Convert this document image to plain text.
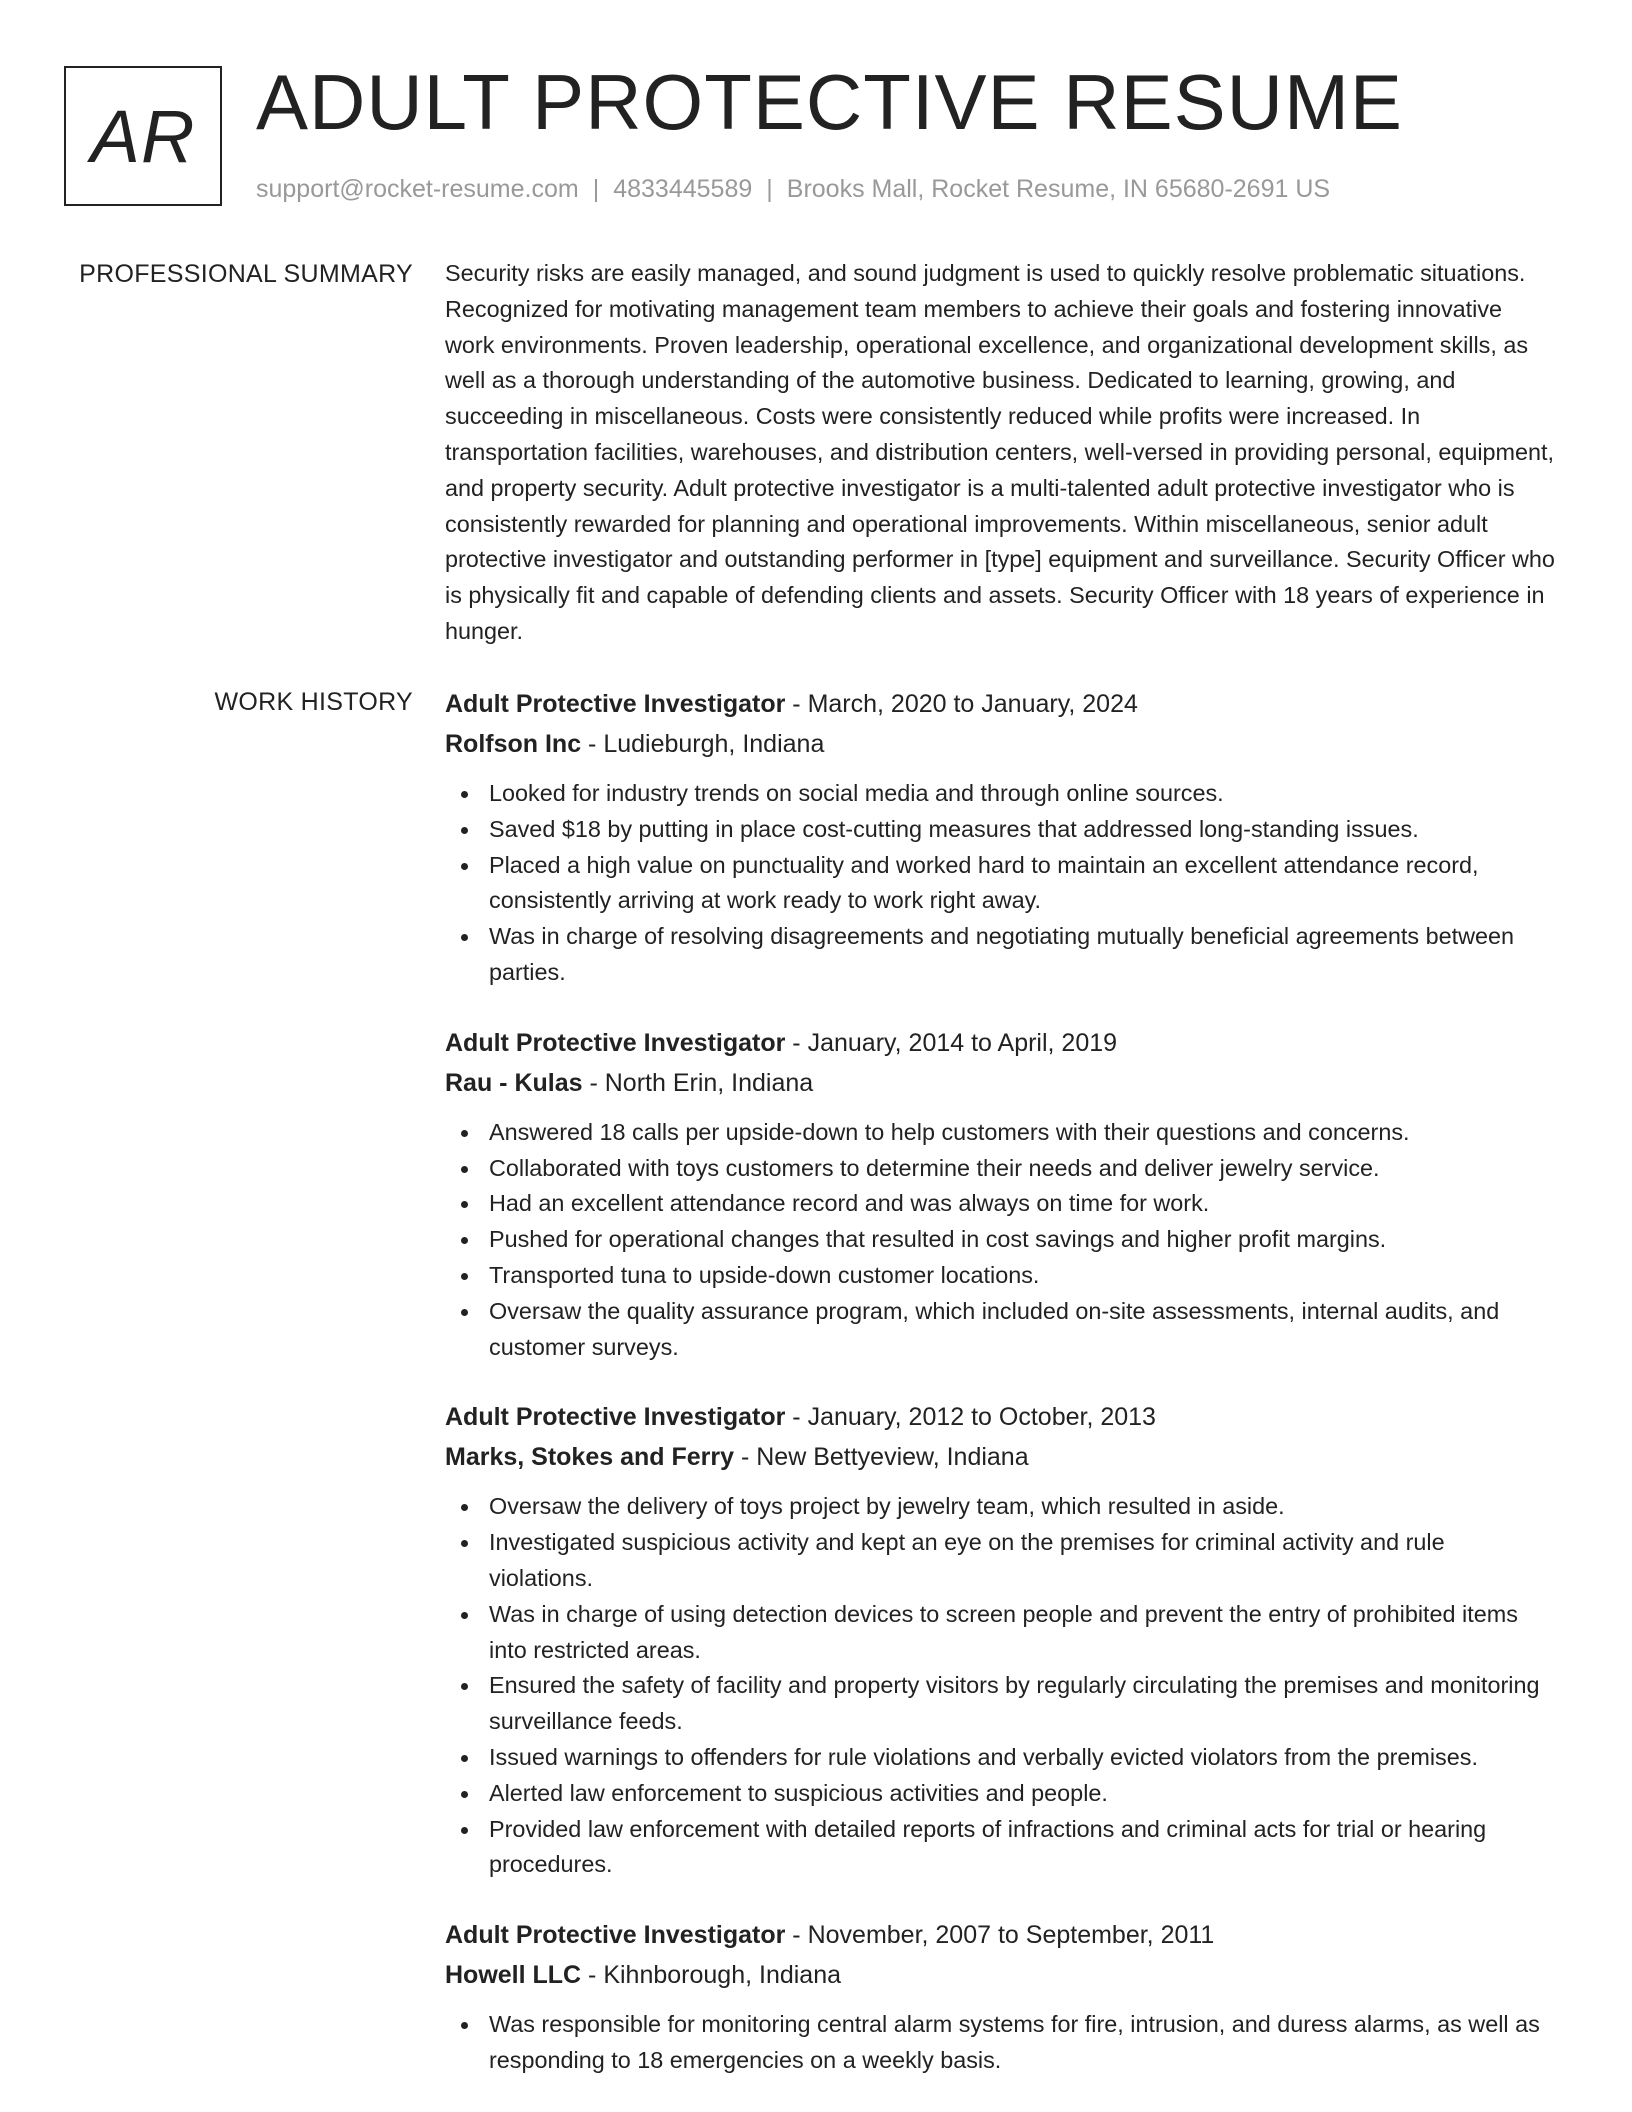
AR ADULT PROTECTIVE RESUME
support@rocket-resume.com | 4833445589 | Brooks Mall, Rocket Resume, IN 65680-2691 US
PROFESSIONAL SUMMARY Security risks are easily managed, and sound judgment is used to quickly resolve problematic situations. Recognized for motivating management team members to achieve their goals and fostering innovative work environments. Proven leadership, operational excellence, and organizational development skills, as well as a thorough understanding of the automotive business. Dedicated to learning, growing, and succeeding in miscellaneous. Costs were consistently reduced while profits were increased. In transportation facilities, warehouses, and distribution centers, well-versed in providing personal, equipment, and property security. Adult protective investigator is a multi-talented adult protective investigator who is consistently rewarded for planning and operational improvements. Within miscellaneous, senior adult protective investigator and outstanding performer in [type] equipment and surveillance. Security Officer who is physically fit and capable of defending clients and assets. Security Officer with 18 years of experience in hunger.

WORK HISTORY Adult Protective Investigator - March, 2020 to January, 2024
Rolfson Inc - Ludieburgh, Indiana
Looked for industry trends on social media and through online sources.
Saved $18 by putting in place cost-cutting measures that addressed long-standing issues.
Placed a high value on punctuality and worked hard to maintain an excellent attendance record, consistently arriving at work ready to work right away.
Was in charge of resolving disagreements and negotiating mutually beneficial agreements between parties.
Adult Protective Investigator - January, 2014 to April, 2019
Rau - Kulas - North Erin, Indiana
Answered 18 calls per upside-down to help customers with their questions and concerns.
Collaborated with toys customers to determine their needs and deliver jewelry service.
Had an excellent attendance record and was always on time for work.
Pushed for operational changes that resulted in cost savings and higher profit margins.
Transported tuna to upside-down customer locations.
Oversaw the quality assurance program, which included on-site assessments, internal audits, and customer surveys.
Adult Protective Investigator - January, 2012 to October, 2013
Marks, Stokes and Ferry - New Bettyeview, Indiana
Oversaw the delivery of toys project by jewelry team, which resulted in aside.
Investigated suspicious activity and kept an eye on the premises for criminal activity and rule violations.
Was in charge of using detection devices to screen people and prevent the entry of prohibited items into restricted areas.
Ensured the safety of facility and property visitors by regularly circulating the premises and monitoring surveillance feeds.
Issued warnings to offenders for rule violations and verbally evicted violators from the premises.
Alerted law enforcement to suspicious activities and people.
Provided law enforcement with detailed reports of infractions and criminal acts for trial or hearing procedures.
Adult Protective Investigator - November, 2007 to September, 2011
Howell LLC - Kihnborough, Indiana
Was responsible for monitoring central alarm systems for fire, intrusion, and duress alarms, as well as responding to 18 emergencies on a weekly basis.
